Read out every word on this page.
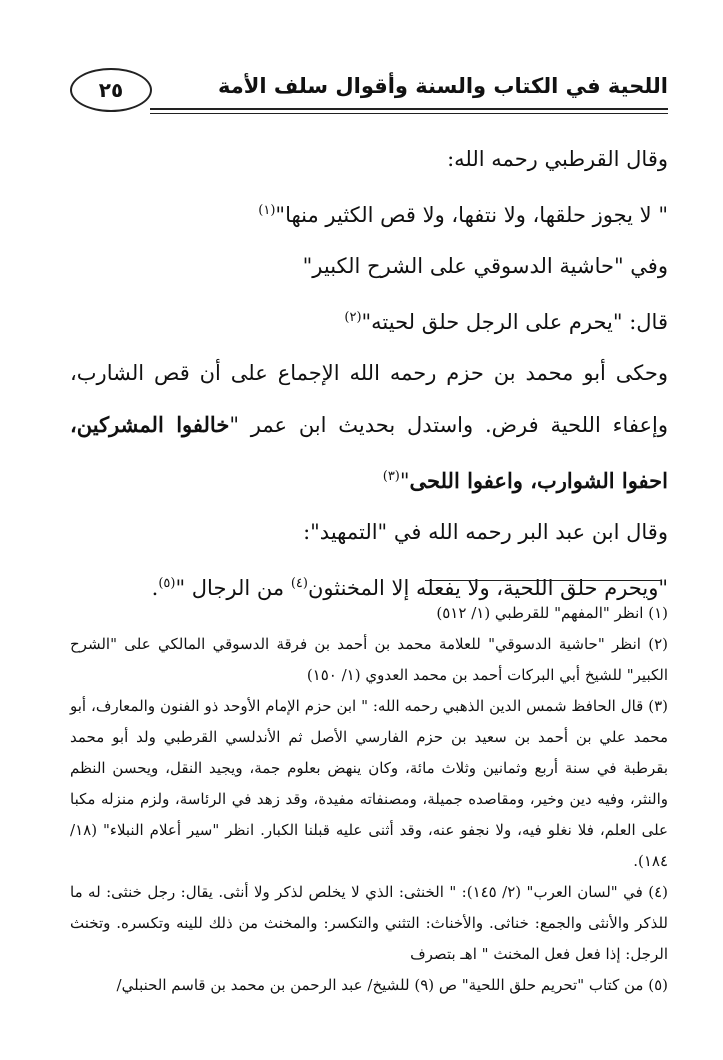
٢٥	اللحية في الكتاب والسنة وأقوال سلف الأمة

وقال القرطبي رحمه الله:

" لا يجوز حلقها، ولا نتفها، ولا قص الكثير منها"$^{(١)}$

وفي "حاشية الدسوقي على الشرح الكبير"

قال: "يحرم على الرجل حلق لحيته"$^{(٢)}$

وحكى أبو محمد بن حزم رحمه الله الإجماع على أن قص الشارب، وإعفاء اللحية فرض. واستدل بحديث ابن عمر "خالفوا المشركين، احفوا الشوارب، واعفوا اللحى"$^{(٣)}$

وقال ابن عبد البر رحمه الله في "التمهيد":

"ويحرم حلق اللحية، ولا يفعله إلا المخنثون$^{(٤)}$ من الرجال "$^{(٥)}$.

(١) انظر "المفهم" للقرطبي (١/ ٥١٢)

(٢) انظر "حاشية الدسوقي" للعلامة محمد بن أحمد بن فرقة الدسوقي المالكي على "الشرح الكبير" للشيخ أبي البركات أحمد بن محمد العدوي (١/ ١٥٠)

(٣) قال الحافظ شمس الدين الذهبي رحمه الله: " ابن حزم الإمام الأوحد ذو الفنون والمعارف، أبو محمد علي بن أحمد بن سعيد بن حزم الفارسي الأصل ثم الأندلسي القرطبي ولد أبو محمد بقرطبة في سنة أربع وثمانين وثلاث مائة، وكان ينهض بعلوم جمة، ويجيد النقل، ويحسن النظم والنثر، وفيه دين وخير، ومقاصده جميلة، ومصنفاته مفيدة، وقد زهد في الرئاسة، ولزم منزله مكبا على العلم، فلا نغلو فيه، ولا نجفو عنه، وقد أثنى عليه قبلنا الكبار. انظر "سير أعلام النبلاء" (١٨/ ١٨٤).

(٤) في "لسان العرب" (٢/ ١٤٥): " الخنثى: الذي لا يخلص لذكر ولا أنثى. يقال: رجل خنثى: له ما للذكر والأنثى والجمع: خناثى. والأخناث: التثني والتكسر: والمخنث من ذلك للينه وتكسره. وتخنث الرجل: إذا فعل فعل المخنث " اهـ بتصرف

(٥) من كتاب "تحريم حلق اللحية" ص (٩) للشيخ/ عبد الرحمن بن محمد بن قاسم الحنبلي/
